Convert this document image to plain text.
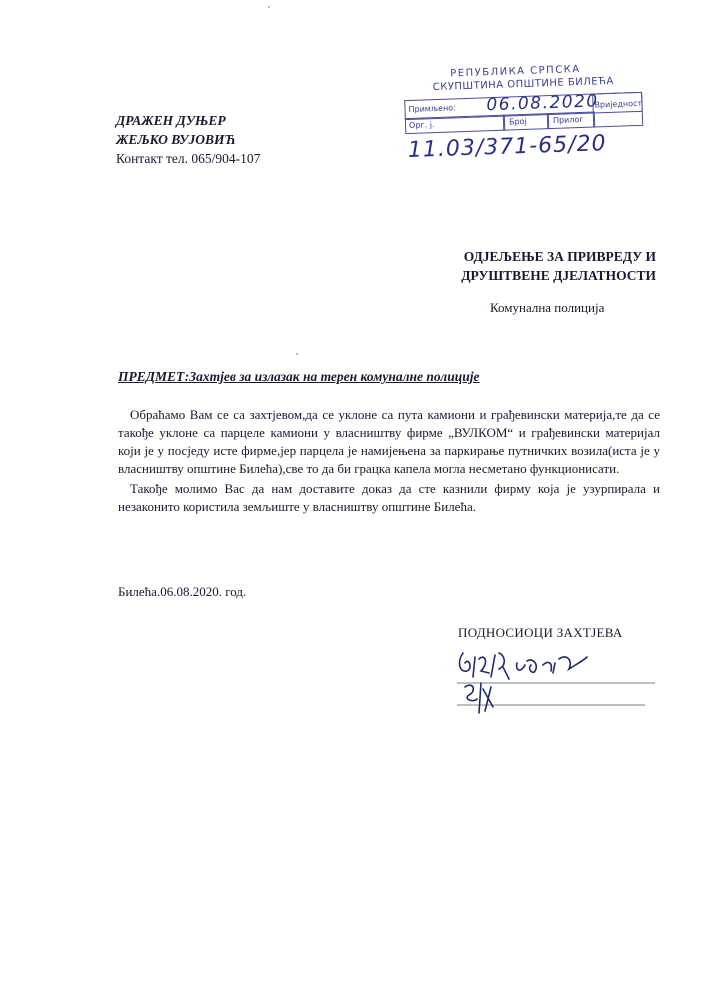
ДРАЖЕН ДУЊЕР
ЖЕЉКО ВУЈОВИЋ
Контакт тел. 065/904-107
РЕПУБЛИКА СРПСКА
СКУПШТИНА ОПШТИНЕ БИЛЕЋА
Примљено:
Орг. ј.	Број	Прилог
Вриједност
06.08.2020
11.03/371-65/20
ОДЈЕЉЕЊЕ ЗА ПРИВРЕДУ И
ДРУШТВЕНЕ ДЈЕЛАТНОСТИ
Комунална полиција
ПРЕДМЕТ:Захтјев за излазак на терен комуналне полиције

Обраћамо Вам се са захтјевом,да се уклоне са пута камиони и грађевински материја,те да се такође уклоне са парцеле камиони у власништву фирме „ВУЛКОМ“ и грађевински материјал који је у посједу исте фирме,јер парцела је намијењена за паркирање путничких возила(иста је у власништву општине Билећа),све то да би грацка капела могла несметано функционисати.

Такође молимо Вас да нам доставите доказ да сте казнили фирму која је узурпирала и незаконито користила земљиште у власништву општине Билећа.

Билећа.06.08.2020. год.
ПОДНОСИОЦИ ЗАХТЈЕВА
